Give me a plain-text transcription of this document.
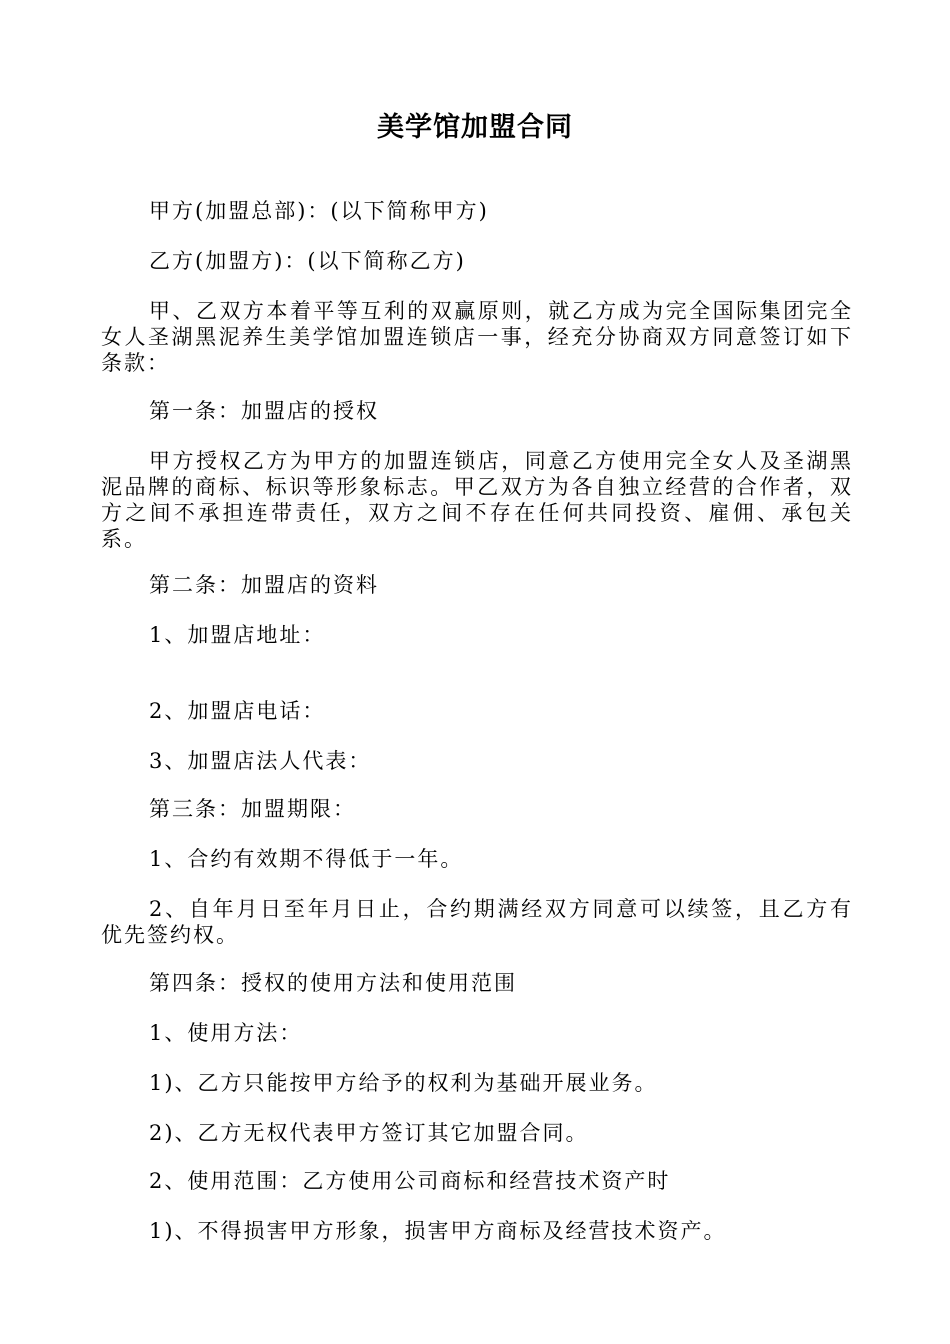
美学馆加盟合同

甲方(加盟总部)：(以下简称甲方)

乙方(加盟方)：(以下简称乙方)

甲、乙双方本着平等互利的双赢原则，就乙方成为完全国际集团完全女人圣湖黑泥养生美学馆加盟连锁店一事，经充分协商双方同意签订如下条款：

第一条：加盟店的授权

甲方授权乙方为甲方的加盟连锁店，同意乙方使用完全女人及圣湖黑泥品牌的商标、标识等形象标志。甲乙双方为各自独立经营的合作者，双方之间不承担连带责任，双方之间不存在任何共同投资、雇佣、承包关系。

第二条：加盟店的资料

1、加盟店地址：

2、加盟店电话：

3、加盟店法人代表：

第三条：加盟期限：

1、合约有效期不得低于一年。

2、自年月日至年月日止，合约期满经双方同意可以续签，且乙方有优先签约权。

第四条：授权的使用方法和使用范围

1、使用方法：

1)、乙方只能按甲方给予的权利为基础开展业务。

2)、乙方无权代表甲方签订其它加盟合同。

2、使用范围：乙方使用公司商标和经营技术资产时

1)、不得损害甲方形象，损害甲方商标及经营技术资产。
